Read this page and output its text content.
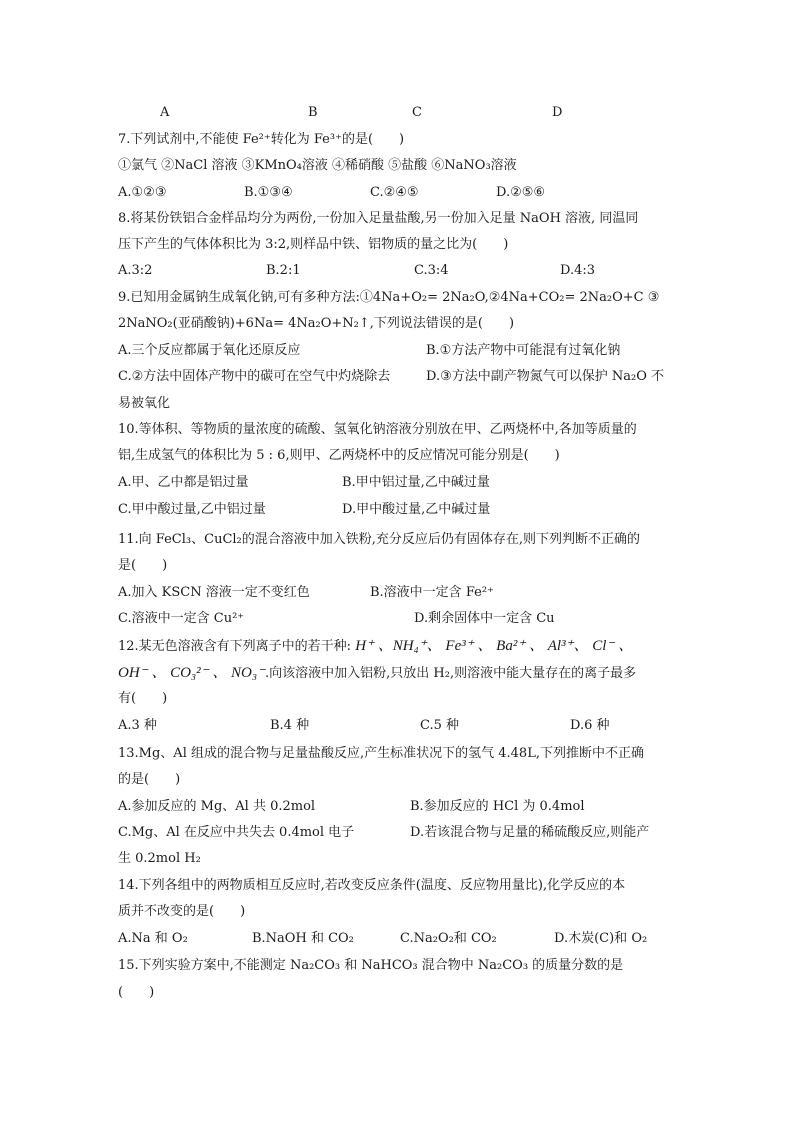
A	B	C	D
7.下列试剂中,不能使 Fe²⁺转化为 Fe³⁺的是(　　)
①氯气 ②NaCl 溶液 ③KMnO₄溶液 ④稀硝酸 ⑤盐酸 ⑥NaNO₃溶液
A.①②③	B.①③④	C.②④⑤	D.②⑤⑥
8.将某份铁铝合金样品均分为两份,一份加入足量盐酸,另一份加入足量 NaOH 溶液, 同温同
压下产生的气体体积比为 3:2,则样品中铁、铝物质的量之比为(　　)
A.3:2	B.2:1	C.3:4	D.4:3
9.已知用金属钠生成氧化钠,可有多种方法:①4Na+O₂= 2Na₂O,②4Na+CO₂= 2Na₂O+C ③
2NaNO₂(亚硝酸钠)+6Na= 4Na₂O+N₂↑,下列说法错误的是(　　)
A.三个反应都属于氧化还原反应	B.①方法产物中可能混有过氧化钠
C.②方法中固体产物中的碳可在空气中灼烧除去	D.③方法中副产物氮气可以保护 Na₂O 不
易被氧化
10.等体积、等物质的量浓度的硫酸、氢氧化钠溶液分别放在甲、乙两烧杯中,各加等质量的
铝,生成氢气的体积比为 5 : 6,则甲、乙两烧杯中的反应情况可能分别是(　　)
A.甲、乙中都是铝过量	B.甲中铝过量,乙中碱过量
C.甲中酸过量,乙中铝过量	D.甲中酸过量,乙中碱过量
11.向 FeCl₃、CuCl₂的混合溶液中加入铁粉,充分反应后仍有固体存在,则下列判断不正确的
是(　　)
A.加入 KSCN 溶液一定不变红色	B.溶液中一定含 Fe²⁺
C.溶液中一定含 Cu²⁺	D.剩余固体中一定含 Cu
12.某无色溶液含有下列离子中的若干种: H⁺ 、NH₄⁺、 Fe³⁺ 、 Ba²⁺ 、 Al³⁺、 Cl⁻ 、
OH⁻ 、 CO₃²⁻ 、 NO₃⁻.向该溶液中加入铝粉,只放出 H₂,则溶液中能大量存在的离子最多
有(　　)
A.3 种	B.4 种	C.5 种	D.6 种
13.Mg、Al 组成的混合物与足量盐酸反应,产生标准状况下的氢气 4.48L,下列推断中不正确
的是(　　)
A.参加反应的 Mg、Al 共 0.2mol	B.参加反应的 HCl 为 0.4mol
C.Mg、Al 在反应中共失去 0.4mol 电子	D.若该混合物与足量的稀硫酸反应,则能产
生 0.2mol H₂
14.下列各组中的两物质相互反应时,若改变反应条件(温度、反应物用量比),化学反应的本
质并不改变的是(　　)
A.Na 和 O₂	B.NaOH 和 CO₂	C.Na₂O₂和 CO₂	D.木炭(C)和 O₂
15.下列实验方案中,不能测定 Na₂CO₃ 和 NaHCO₃ 混合物中 Na₂CO₃ 的质量分数的是
(　　)
